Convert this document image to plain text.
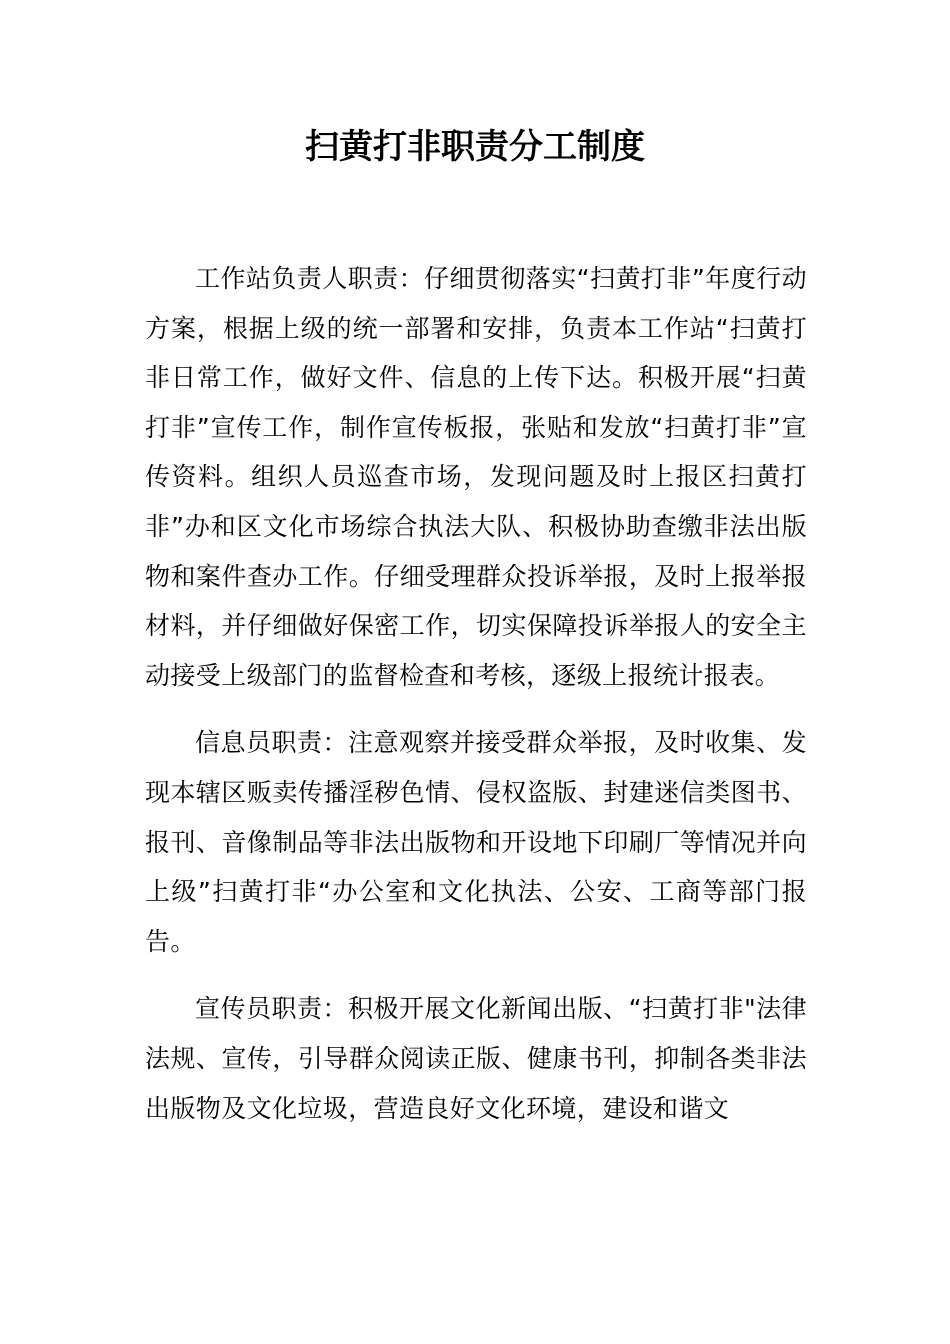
扫黄打非职责分工制度

工作站负责人职责：仔细贯彻落实“扫黄打非”年度行动方案，根据上级的统一部署和安排，负责本工作站“扫黄打非日常工作，做好文件、信息的上传下达。积极开展“扫黄打非”宣传工作，制作宣传板报，张贴和发放“扫黄打非”宣传资料。组织人员巡查市场，发现问题及时上报区扫黄打非”办和区文化市场综合执法大队、积极协助查缴非法出版物和案件查办工作。仔细受理群众投诉举报，及时上报举报材料，并仔细做好保密工作，切实保障投诉举报人的安全主动接受上级部门的监督检查和考核，逐级上报统计报表。

信息员职责：注意观察并接受群众举报，及时收集、发现本辖区贩卖传播淫秽色情、侵权盗版、封建迷信类图书、报刊、音像制品等非法出版物和开设地下印刷厂等情况并向上级”扫黄打非“办公室和文化执法、公安、工商等部门报告。

宣传员职责：积极开展文化新闻出版、“扫黄打非"法律法规、宣传，引导群众阅读正版、健康书刊，抑制各类非法出版物及文化垃圾，营造良好文化环境，建设和谐文
